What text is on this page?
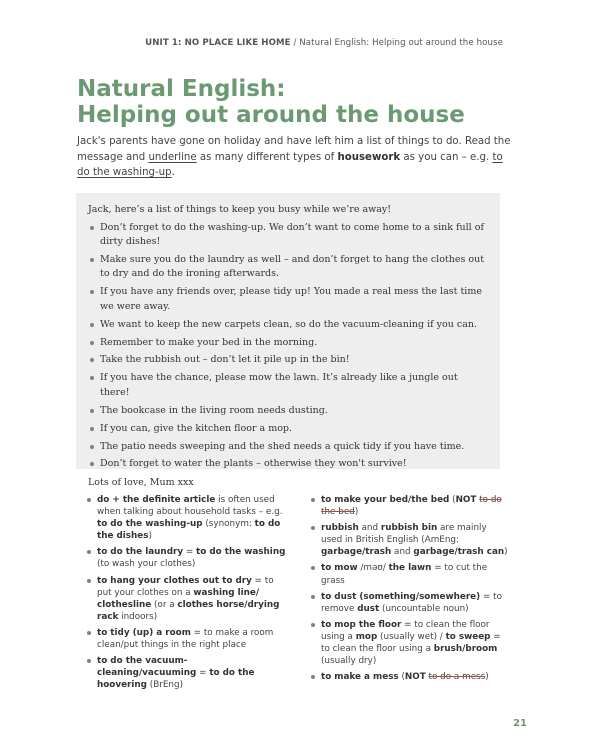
UNIT 1: NO PLACE LIKE HOME / Natural English: Helping out around the house
Natural English:
Helping out around the house

Jack's parents have gone on holiday and have left him a list of things to do. Read the message and underline as many different types of housework as you can – e.g. to do the washing-up.

Jack, here’s a list of things to keep you busy while we’re away!

Don’t forget to do the washing-up. We don’t want to come home to a sink full of dirty dishes!
Make sure you do the laundry as well – and don’t forget to hang the clothes out to dry and do the ironing afterwards.
If you have any friends over, please tidy up! You made a real mess the last time we were away.
We want to keep the new carpets clean, so do the vacuum-cleaning if you can.
Remember to make your bed in the morning.
Take the rubbish out – don’t let it pile up in the bin!
If you have the chance, please mow the lawn. It’s already like a jungle out there!
The bookcase in the living room needs dusting.
If you can, give the kitchen floor a mop.
The patio needs sweeping and the shed needs a quick tidy if you have time.
Don’t forget to water the plants – otherwise they won't survive!

Lots of love, Mum xxx

do + the definite article is often used when talking about household tasks – e.g. to do the washing-up (synonym: to do the dishes)
to do the laundry = to do the washing (to wash your clothes)
to hang your clothes out to dry = to put your clothes on a washing line/ clothesline (or a clothes horse/drying rack indoors)
to tidy (up) a room = to make a room clean/put things in the right place
to do the vacuum-cleaning/vacuuming = to do the hoovering (BrEng)
to make your bed/the bed (NOT to do the bed)
rubbish and rubbish bin are mainly used in British English (AmEng: garbage/trash and garbage/trash can)
to mow /məʊ/ the lawn = to cut the grass
to dust (something/somewhere) = to remove dust (uncountable noun)
to mop the floor = to clean the floor using a mop (usually wet) / to sweep = to clean the floor using a brush/broom (usually dry)
to make a mess (NOT to do a mess)
21
